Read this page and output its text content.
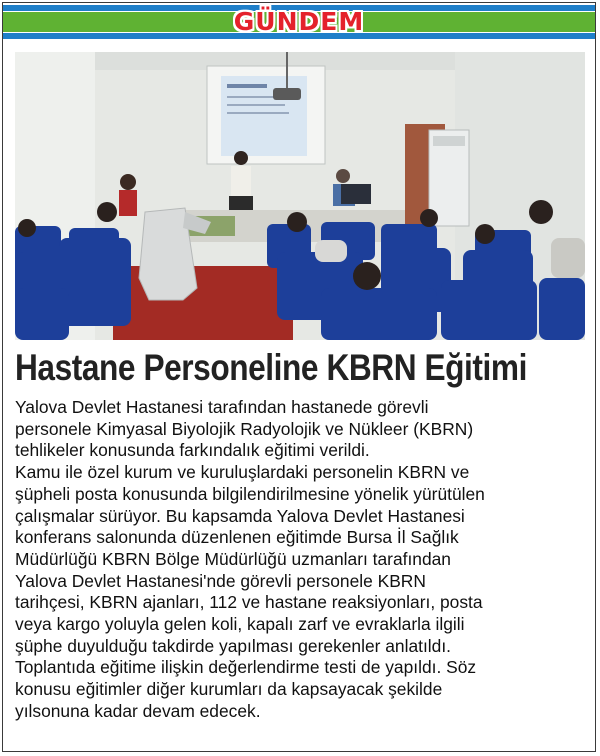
GÜNDEM
Hastane Personeline KBRN Eğitimi
Yalova Devlet Hastanesi tarafından hastanede görevli
personele Kimyasal Biyolojik Radyolojik ve Nükleer (KBRN)
tehlikeler konusunda farkındalık eğitimi verildi.
Kamu ile özel kurum ve kuruluşlardaki personelin KBRN ve
şüpheli posta konusunda bilgilendirilmesine yönelik yürütülen
çalışmalar sürüyor. Bu kapsamda Yalova Devlet Hastanesi
konferans salonunda düzenlenen eğitimde Bursa İl Sağlık
Müdürlüğü KBRN Bölge Müdürlüğü uzmanları tarafından
Yalova Devlet Hastanesi'nde görevli personele KBRN
tarihçesi, KBRN ajanları, 112 ve hastane reaksiyonları, posta
veya kargo yoluyla gelen koli, kapalı zarf ve evraklarla ilgili
şüphe duyulduğu takdirde yapılması gerekenler anlatıldı.
Toplantıda eğitime ilişkin değerlendirme testi de yapıldı. Söz
konusu eğitimler diğer kurumları da kapsayacak şekilde
yılsonuna kadar devam edecek.
